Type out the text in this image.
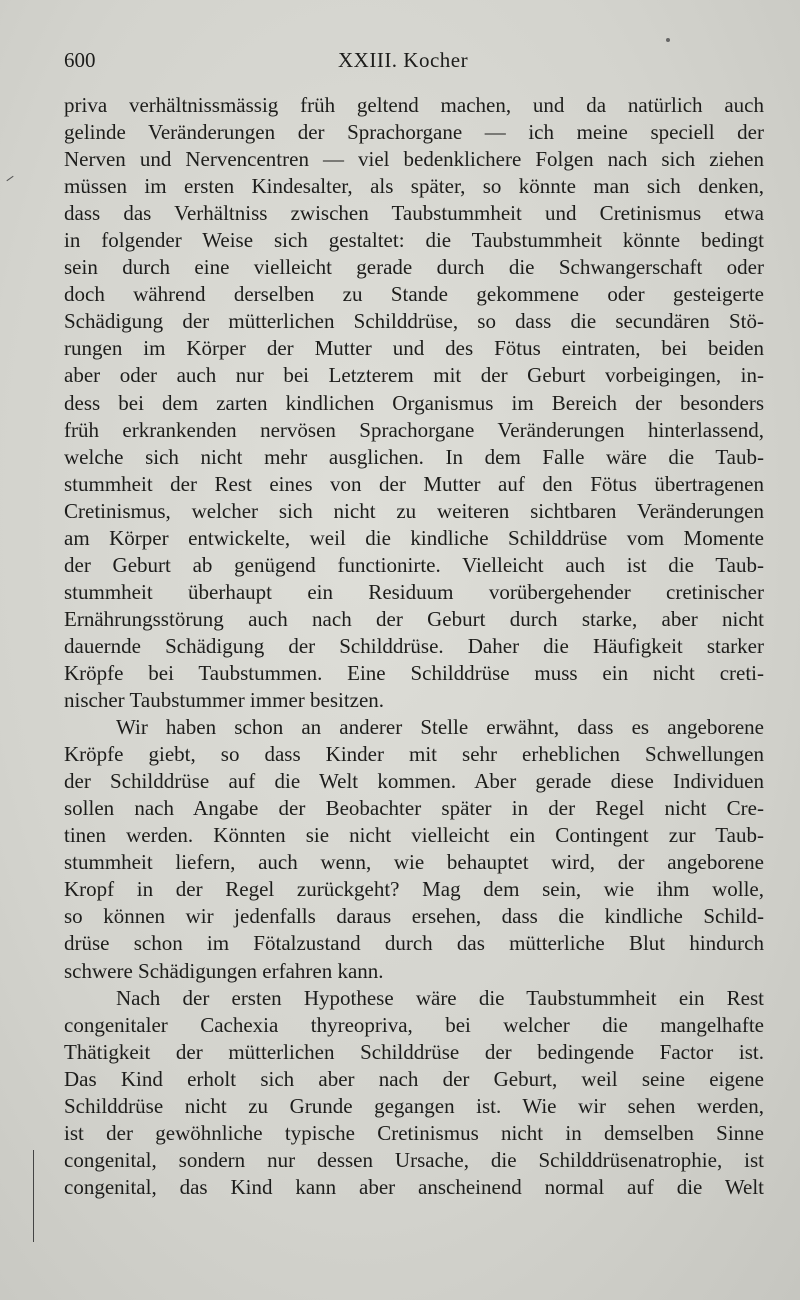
600	XXIII. Kocher
priva verhältnissmässig früh geltend machen, und da natürlich auch
gelinde Veränderungen der Sprachorgane — ich meine speciell der
Nerven und Nervencentren — viel bedenklichere Folgen nach sich ziehen
müssen im ersten Kindesalter, als später, so könnte man sich denken,
dass das Verhältniss zwischen Taubstummheit und Cretinismus etwa
in folgender Weise sich gestaltet: die Taubstummheit könnte bedingt
sein durch eine vielleicht gerade durch die Schwangerschaft oder
doch während derselben zu Stande gekommene oder gesteigerte
Schädigung der mütterlichen Schilddrüse, so dass die secundären Stö-
rungen im Körper der Mutter und des Fötus eintraten, bei beiden
aber oder auch nur bei Letzterem mit der Geburt vorbeigingen, in-
dess bei dem zarten kindlichen Organismus im Bereich der besonders
früh erkrankenden nervösen Sprachorgane Veränderungen hinterlassend,
welche sich nicht mehr ausglichen. In dem Falle wäre die Taub-
stummheit der Rest eines von der Mutter auf den Fötus übertragenen
Cretinismus, welcher sich nicht zu weiteren sichtbaren Veränderungen
am Körper entwickelte, weil die kindliche Schilddrüse vom Momente
der Geburt ab genügend functionirte. Vielleicht auch ist die Taub-
stummheit überhaupt ein Residuum vorübergehender cretinischer
Ernährungsstörung auch nach der Geburt durch starke, aber nicht
dauernde Schädigung der Schilddrüse. Daher die Häufigkeit starker
Kröpfe bei Taubstummen. Eine Schilddrüse muss ein nicht creti-
nischer Taubstummer immer besitzen.
Wir haben schon an anderer Stelle erwähnt, dass es angeborene
Kröpfe giebt, so dass Kinder mit sehr erheblichen Schwellungen
der Schilddrüse auf die Welt kommen. Aber gerade diese Individuen
sollen nach Angabe der Beobachter später in der Regel nicht Cre-
tinen werden. Könnten sie nicht vielleicht ein Contingent zur Taub-
stummheit liefern, auch wenn, wie behauptet wird, der angeborene
Kropf in der Regel zurückgeht? Mag dem sein, wie ihm wolle,
so können wir jedenfalls daraus ersehen, dass die kindliche Schild-
drüse schon im Fötalzustand durch das mütterliche Blut hindurch
schwere Schädigungen erfahren kann.
Nach der ersten Hypothese wäre die Taubstummheit ein Rest
congenitaler Cachexia thyreopriva, bei welcher die mangelhafte
Thätigkeit der mütterlichen Schilddrüse der bedingende Factor ist.
Das Kind erholt sich aber nach der Geburt, weil seine eigene
Schilddrüse nicht zu Grunde gegangen ist. Wie wir sehen werden,
ist der gewöhnliche typische Cretinismus nicht in demselben Sinne
congenital, sondern nur dessen Ursache, die Schilddrüsenatrophie, ist
congenital, das Kind kann aber anscheinend normal auf die Welt
